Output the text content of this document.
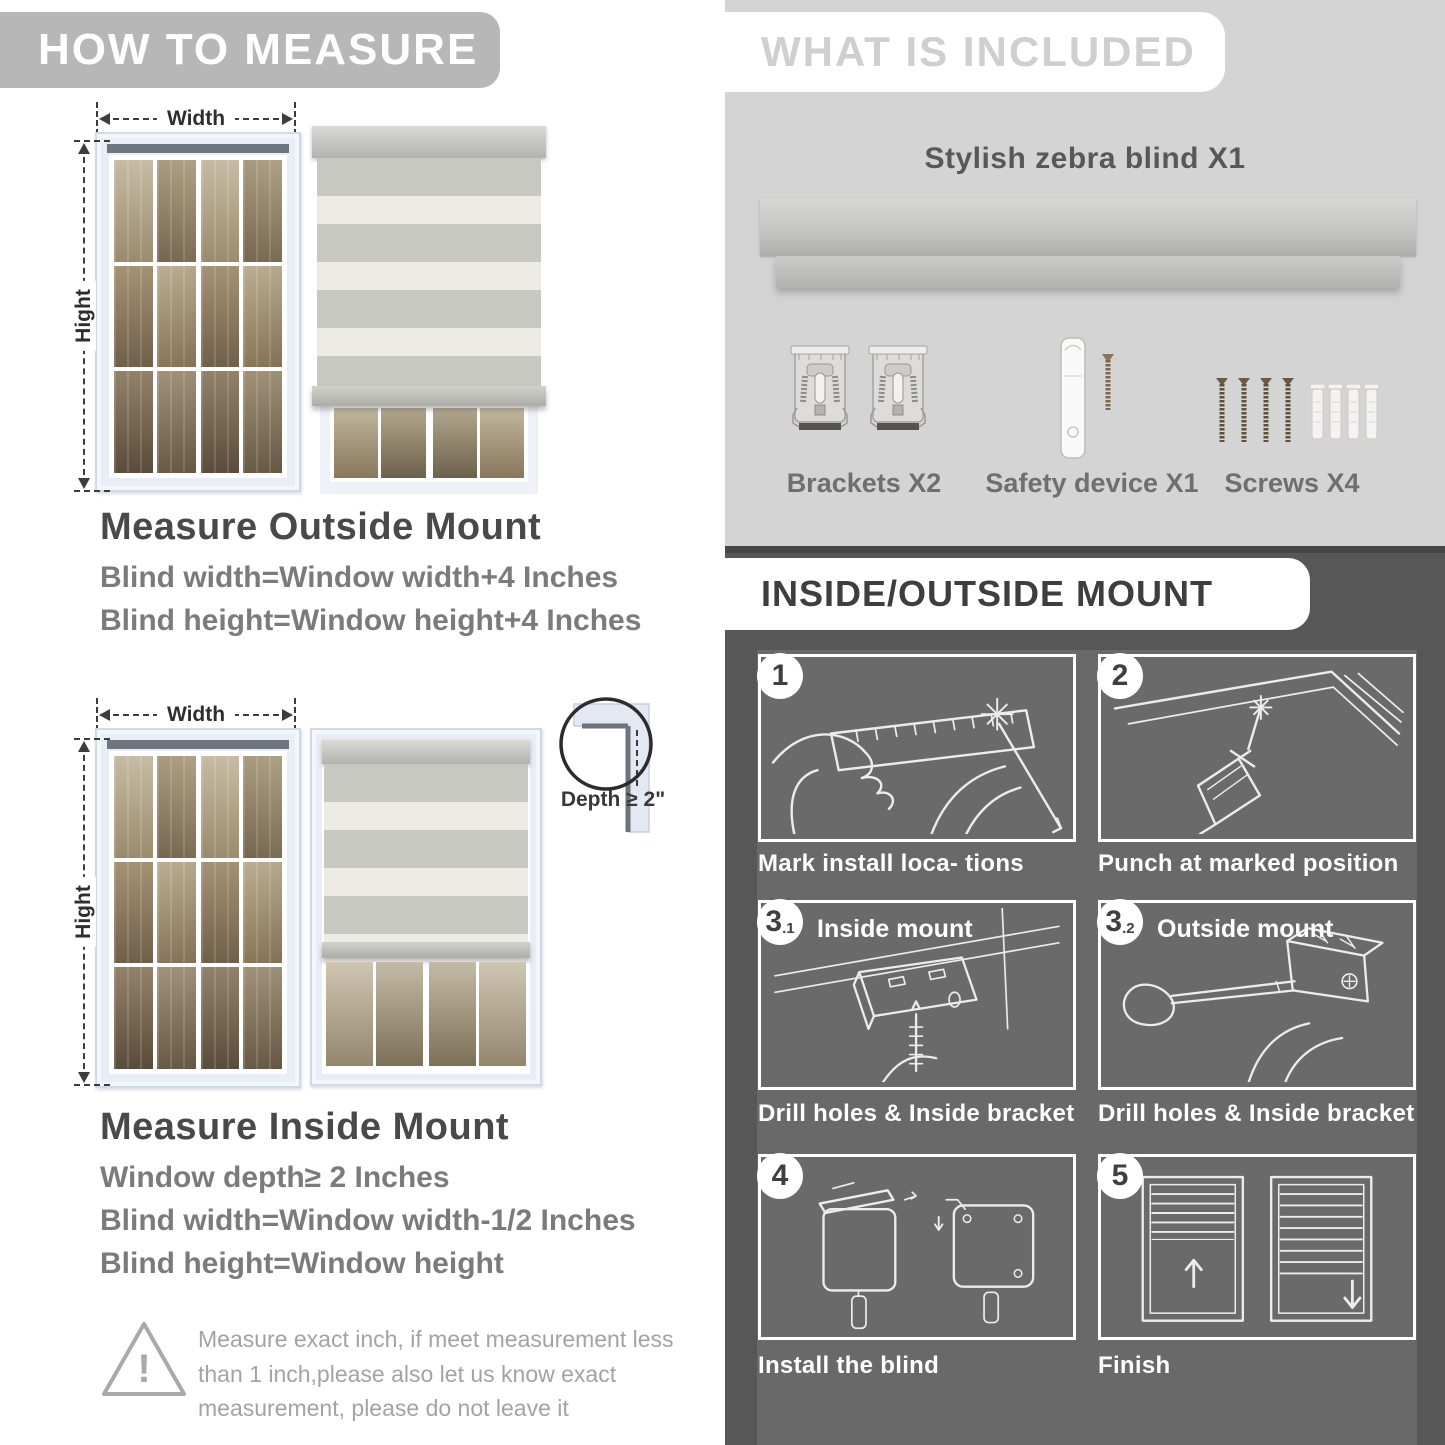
HOW TO MEASURE
Width
Hight
Measure Outside Mount
Blind width=Window width+4 Inches
Blind height=Window height+4 Inches
Width
Hight
Depth ≥ 2"
Measure Inside Mount
Window depth≥ 2 Inches
Blind width=Window width-1/2 Inches
Blind height=Window height
!
Measure exact inch, if meet measurement less than 1 inch,please also let us know exact measurement, please do not leave it
WHAT IS INCLUDED
Stylish zebra blind X1
Brackets X2	Safety device X1 Screws X4
INSIDE/OUTSIDE MOUNT
1	2
Mark install loca- tions	Punch at marked position
3 .1 Inside mount	3 .2 Outside mount
Drill holes & Inside bracket Drill holes & Inside bracket
4	5
Install the blind	Finish
